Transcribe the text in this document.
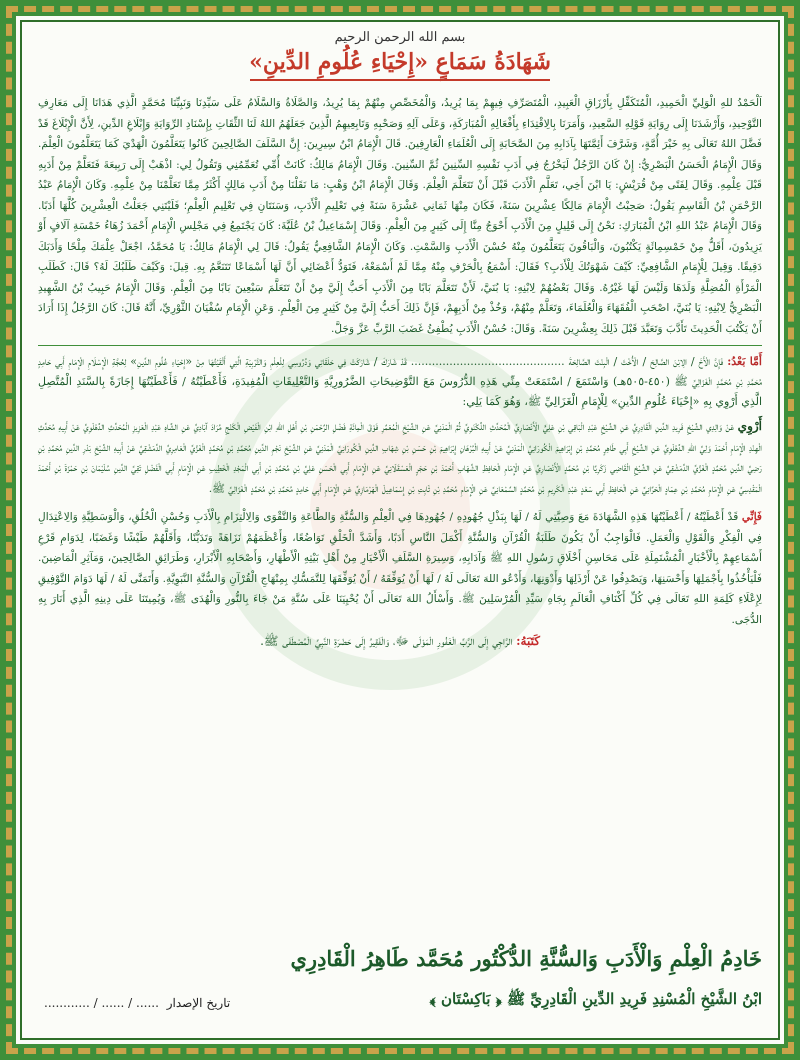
بسم الله الرحمن الرحيم
شَهَادَةُ سَمَاعٍ «إِحْيَاءِ عُلُومِ الدِّينِ»

اَلْحَمْدُ للهِ الْوَلِيِّ الْحَمِيدِ، الْمُتَكَفِّلِ بِأَرْزَاقِ الْعَبِيدِ، الْمُتَصَرِّفِ فِيهِمْ بِمَا يُرِيدُ، وَالْمُخَصِّصِ مِنْهُمْ بِمَا يُرِيدُ، وَالصَّلَاةُ وَالسَّلَامُ عَلَى سَيِّدِنَا وَنَبِيِّنَا مُحَمَّدٍ الَّذِي هَدَانَا إِلَى مَعَارِفِ التَّوْحِيدِ، وَأَرْشَدَنَا إِلَى رِوَايَةِ قَوْلِهِ السَّعِيدِ، وَأَمَرَنَا بِالِاقْتِدَاءِ بِأَفْعَالِهِ الْمُبَارَكَةِ، وَعَلَى آلِهِ وَصَحْبِهِ وَتَابِعِيهِمُ الَّذِينَ جَعَلَهُمُ اللهُ لَنَا الثِّقَاتِ بِإِسْنَادِ الرِّوَايَةِ وَإِبْلَاغِ الدِّينِ، لِأَنَّ الْإِبْلَاغَ قَدْ فَضَّلَ اللهُ تَعَالَى بِهِ خَيْرَ أُمَّةٍ، وَشَرَّفَ أَئِمَّتَهَا بِآدَابِهِ مِنَ الصَّحَابَةِ إِلَى الْعُلَمَاءِ الْعَارِفِينَ. قَالَ الْإِمَامُ ابْنُ سِيرِينَ: إِنَّ السَّلَفَ الصَّالِحِينَ كَانُوا يَتَعَلَّمُونَ الْهَدْيَ كَمَا يَتَعَلَّمُونَ الْعِلْمَ. وَقَالَ الْإِمَامُ الْحَسَنُ الْبَصْرِيُّ: إِنْ كَانَ الرَّجُلُ لَيَخْرُجُ فِي أَدَبِ نَفْسِهِ السِّنِينَ ثُمَّ السِّنِينَ. وَقَالَ الْإِمَامُ مَالِكٌ: كَانَتْ أُمِّي تُعَمِّمُنِي وَتَقُولُ لِي: اذْهَبْ إِلَى رَبِيعَةَ فَتَعَلَّمْ مِنْ أَدَبِهِ قَبْلَ عِلْمِهِ. وَقَالَ لِفَتًى مِنْ قُرَيْشٍ: يَا ابْنَ أَخِي، تَعَلَّمِ الْأَدَبَ قَبْلَ أَنْ تَتَعَلَّمَ الْعِلْمَ. وَقَالَ الْإِمَامُ ابْنُ وَهْبٍ: مَا نَقَلْنَا مِنْ أَدَبِ مَالِكٍ أَكْثَرُ مِمَّا تَعَلَّمْنَا مِنْ عِلْمِهِ. وَكَانَ الْإِمَامُ عَبْدُ الرَّحْمَنِ بْنُ الْقَاسِمِ يَقُولُ: صَحِبْتُ الْإِمَامَ مَالِكًا عِشْرِينَ سَنَةً، فَكَانَ مِنْهَا ثَمَانِي عَشْرَةَ سَنَةً فِي تَعْلِيمِ الْأَدَبِ، وَسَنَتَانِ فِي تَعْلِيمِ الْعِلْمِ؛ فَلَيْتَنِي جَعَلْتُ الْعِشْرِينَ كُلَّهَا أَدَبًا. وَقَالَ الْإِمَامُ عَبْدُ اللهِ ابْنُ الْمُبَارَكِ: نَحْنُ إِلَى قَلِيلٍ مِنَ الْأَدَبِ أَحْوَجُ مِنَّا إِلَى كَثِيرٍ مِنَ الْعِلْمِ. وَقَالَ إِسْمَاعِيلُ بْنُ عُلَيَّةَ: كَانَ يَجْتَمِعُ فِي مَجْلِسِ الْإِمَامِ أَحْمَدَ زُهَاءُ خَمْسَةِ آلَافٍ أَوْ يَزِيدُونَ، أَقَلُّ مِنْ خَمْسِمِائَةٍ يَكْتُبُونَ، وَالْبَاقُونَ يَتَعَلَّمُونَ مِنْهُ حُسْنَ الْأَدَبِ وَالسَّمْتِ. وَكَانَ الْإِمَامُ الشَّافِعِيُّ يَقُولُ: قَالَ لِي الْإِمَامُ مَالِكٌ: يَا مُحَمَّدُ، اجْعَلْ عِلْمَكَ مِلْحًا وَأَدَبَكَ دَقِيقًا. وَقِيلَ لِلْإِمَامِ الشَّافِعِيِّ: كَيْفَ شَهْوَتُكَ لِلْأَدَبِ؟ فَقَالَ: أَسْمَعُ بِالْحَرْفِ مِنْهُ مِمَّا لَمْ أَسْمَعْهُ، فَتَوَدُّ أَعْضَائِي أَنَّ لَهَا أَسْمَاعًا تَتَنَعَّمُ بِهِ. قِيلَ: وَكَيْفَ طَلَبُكَ لَهُ؟ قَالَ: كَطَلَبِ الْمَرْأَةِ الْمُضِلَّةِ وَلَدَهَا وَلَيْسَ لَهَا غَيْرُهُ. وَقَالَ بَعْضُهُمْ لِابْنِهِ: يَا بُنَيَّ، لَأَنْ تَتَعَلَّمَ بَابًا مِنَ الْأَدَبِ أَحَبُّ إِلَيَّ مِنْ أَنْ تَتَعَلَّمَ سَبْعِينَ بَابًا مِنَ الْعِلْمِ. وَقَالَ الْإِمَامُ حَبِيبُ بْنُ الشَّهِيدِ الْبَصْرِيُّ لِابْنِهِ: يَا بُنَيَّ، اصْحَبِ الْفُقَهَاءَ وَالْعُلَمَاءَ، وَتَعَلَّمْ مِنْهُمْ، وَخُذْ مِنْ أَدَبِهِمْ، فَإِنَّ ذَلِكَ أَحَبُّ إِلَيَّ مِنْ كَثِيرٍ مِنَ الْعِلْمِ. وَعَنِ الْإِمَامِ سُفْيَانَ الثَّوْرِيِّ، أَنَّهُ قَالَ: كَانَ الرَّجُلُ إِذَا أَرَادَ أَنْ يَكْتُبَ الْحَدِيثَ تَأَدَّبَ وَتَعَبَّدَ قَبْلَ ذَلِكَ بِعِشْرِينَ سَنَةً. وَقَالَ: حُسْنُ الْأَدَبِ يُطْفِئُ غَضَبَ الرَّبِّ عَزَّ وَجَلَّ.

أَمَّا بَعْدُ: فَإِنَّ الْأَخَ / الِابْنَ الصَّالِحَ / الْأُخْتَ / الْبِنْتَ الصَّالِحَةَ ............................................ قَدْ شَارَكَ / شَارَكَتْ فِي حَلَقَاتِي وَدُرُوسِي لِلْعِلْمِ وَالتَّرْبِيَةِ الَّتِي أَلْقَيْتُهَا مِنْ «إِحْيَاءِ عُلُومِ الدِّينِ» لِحُجَّةِ الْإِسْلَامِ الْإِمَامِ أَبِي حَامِدٍ مُحَمَّدِ بْنِ مُحَمَّدٍ الْغَزَالِيِّ ﷺ (٤٥٠-٥٠٥هـ) وَاسْتَمَعَ / اسْتَمَعَتْ مِنِّي هَذِهِ الدُّرُوسَ مَعَ التَّوْضِيحَاتِ الضَّرُورِيَّةِ وَالتَّعْلِيقَاتِ الْمُفِيدَةِ، فَأَعْطَيْتُهُ / فَأَعْطَيْتُهَا إِجَازَةً بِالسَّنَدِ الْمُتَّصِلِ الَّذِي أَرْوِي بِهِ «إِحْيَاءَ عُلُومِ الدِّينِ» لِلْإِمَامِ الْغَزَالِيِّ ﷺ، وَهُوَ كَمَا يَلِي:

أَرْوِي عَنْ وَالِدِي الشَّيْخِ فَرِيدِ الدِّينِ الْقَادِرِيِّ عَنِ الشَّيْخِ عَبْدِ الْبَاقِي بْنِ عَلِيٍّ الْأَنْصَارِيِّ الْمُحَدِّثِ اللَّكْنَوِيِّ ثُمَّ الْمَدَنِيِّ عَنِ الشَّيْخِ الْمُعَمَّرِ فَوْقَ الْمِائَةِ فَضْلِ الرَّحْمَنِ بْنِ أَهْلِ اللهِ ابْنِ الْفَيْضِ الْكَنْجِ مُرَادَ آبَادِيِّ عَنِ الشَّاهِ عَبْدِ الْعَزِيزِ الْمُحَدِّثِ الدَّهْلَوِيِّ عَنْ أَبِيهِ مُحَدِّثِ الْهِنْدِ الْإِمَامِ أَحْمَدَ وَلِيِّ اللهِ الدَّهْلَوِيِّ عَنِ الشَّيْخِ أَبِي طَاهِرٍ مُحَمَّدِ بْنِ إِبْرَاهِيمَ الْكُورَانِيِّ الْمَدَنِيِّ عَنْ أَبِيهِ الْبُرْهَانِ إِبْرَاهِيمَ بْنِ حَسَنِ بْنِ شِهَابِ الدِّينِ الْكُورَانِيِّ الْمَدَنِيِّ عَنِ الشَّيْخِ نَجْمِ الدِّينِ مُحَمَّدِ بْنِ مُحَمَّدٍ الْغَزِّيِّ الْعَامِرِيِّ الدِّمَشْقِيِّ عَنْ أَبِيهِ الشَّيْخِ بَدْرِ الدِّينِ مُحَمَّدِ بْنِ رَضِيِّ الدِّينِ مُحَمَّدٍ الْغَزِّيِّ الدِّمَشْقِيِّ عَنِ الشَّيْخِ الْقَاضِي زَكَرِيَّا بْنِ مُحَمَّدٍ الْأَنْصَارِيِّ عَنِ الْإِمَامِ الْحَافِظِ الشِّهَابِ أَحْمَدَ بْنِ حَجَرٍ الْعَسْقَلَانِيِّ عَنِ الْإِمَامِ أَبِي الْحَسَنِ عَلِيِّ بْنِ مُحَمَّدِ بْنِ أَبِي الْمَجْدِ الْخَطِيبِ عَنِ الْإِمَامِ أَبِي الْفَضْلِ تَقِيِّ الدِّينِ سُلَيْمَانَ بْنِ حَمْزَةَ بْنِ أَحْمَدَ الْمَقْدِسِيِّ عَنِ الْإِمَامِ مُحَمَّدِ بْنِ عِمَادٍ الْحَرَّانِيِّ عَنِ الْحَافِظِ أَبِي سَعْدٍ عَبْدِ الْكَرِيمِ بْنِ مُحَمَّدٍ السَّمْعَانِيِّ عَنِ الْإِمَامِ مُحَمَّدِ بْنِ ثَابِتِ بْنِ إِسْمَاعِيلَ الْهَرْمَازِيِّ عَنِ الْإِمَامِ أَبِي حَامِدٍ مُحَمَّدِ بْنِ مُحَمَّدٍ الْغَزَالِيِّ ﷺ.

فَإِنِّي قَدْ أَعْطَيْتُهُ / أَعْطَيْتُهَا هَذِهِ الشَّهَادَةَ مَعَ وَصِيَّتِي لَهُ / لَهَا بِبَذْلِ جُهُودِهِ / جُهُودِهَا فِي الْعِلْمِ وَالسُّنَّةِ وَالطَّاعَةِ وَالتَّقْوَى وَالِالْتِزَامِ بِالْأَدَبِ وَحُسْنِ الْخُلُقِ، وَالْوَسَطِيَّةِ وَالِاعْتِدَالِ فِي الْفِكْرِ وَالْقَوْلِ وَالْعَمَلِ. فَالْوَاجِبُ أَنْ يَكُونَ طَلَبَةُ الْقُرْآنِ وَالسُّنَّةِ أَكْمَلَ النَّاسِ أَدَبًا، وَأَشَدَّ الْخَلْقِ تَوَاضُعًا، وَأَعْظَمَهُمْ نَزَاهَةً وَتَدَيُّنًا، وَأَقَلَّهُمْ طَيْشًا وَغَضَبًا، لِدَوَامِ قَرْعِ أَسْمَاعِهِمْ بِالْأَخْبَارِ الْمُشْتَمِلَةِ عَلَى مَحَاسِنِ أَخْلَاقِ رَسُولِ اللهِ ﷺ وَآدَابِهِ، وَسِيرَةِ السَّلَفِ الْأَخْيَارِ مِنْ أَهْلِ بَيْتِهِ الْأَطْهَارِ، وَأَصْحَابِهِ الْأَبْرَارِ، وَطَرَائِقِ الصَّالِحِينَ، وَمَآثِرِ الْمَاضِينَ. فَلْيَأْخُذُوا بِأَجْمَلِهَا وَأَحْسَنِهَا، وَيَصْدِفُوا عَنْ أَرْذَلِهَا وَأَدْوَنِهَا، وَأَدْعُو اللهَ تَعَالَى لَهُ / لَهَا أَنْ يُوَفِّقَهُ / أَنْ يُوَفِّقَهَا لِلتَّمَسُّكِ بِمِنْهَاجِ الْقُرْآنِ وَالسُّنَّةِ النَّبَوِيَّةِ. وَأَتَمَنَّى لَهُ / لَهَا دَوَامَ التَّوْفِيقِ لِإِعْلَاءِ كَلِمَةِ اللهِ تَعَالَى فِي كُلِّ أَكْنَافِ الْعَالَمِ بِجَاهِ سَيِّدِ الْمُرْسَلِينَ ﷺ. وَأَسْأَلُ اللهَ تَعَالَى أَنْ يُحْيِيَنَا عَلَى سُنَّةِ مَنْ جَاءَ بِالنُّورِ وَالْهُدَى ﷺ، وَيُمِيتَنَا عَلَى دِينِهِ الَّذِي أَنَارَ بِهِ الدُّجَى.

كَتَبَهُ: الرَّاجِي إِلَى الرَّبِّ الْغَفُورِ الْمَوْلَى ﷻ، وَالْفَقِيرُ إِلَى حَضْرَةِ النَّبِيِّ الْمُصْطَفَى ﷺ.

خَادِمُ الْعِلْمِ وَالْأَدَبِ وَالسُّنَّةِ الدُّكْتُور مُحَمَّد طَاهِرُ الْقَادِرِي
ابْنُ الشَّيْخِ الْمُسْنِدِ فَرِيدِ الدِّينِ الْقَادِرِيِّ ﷺ ﴿ بَاكِسْتَان ﴾
تاريخ الإصدار ...... / ...... / ............
